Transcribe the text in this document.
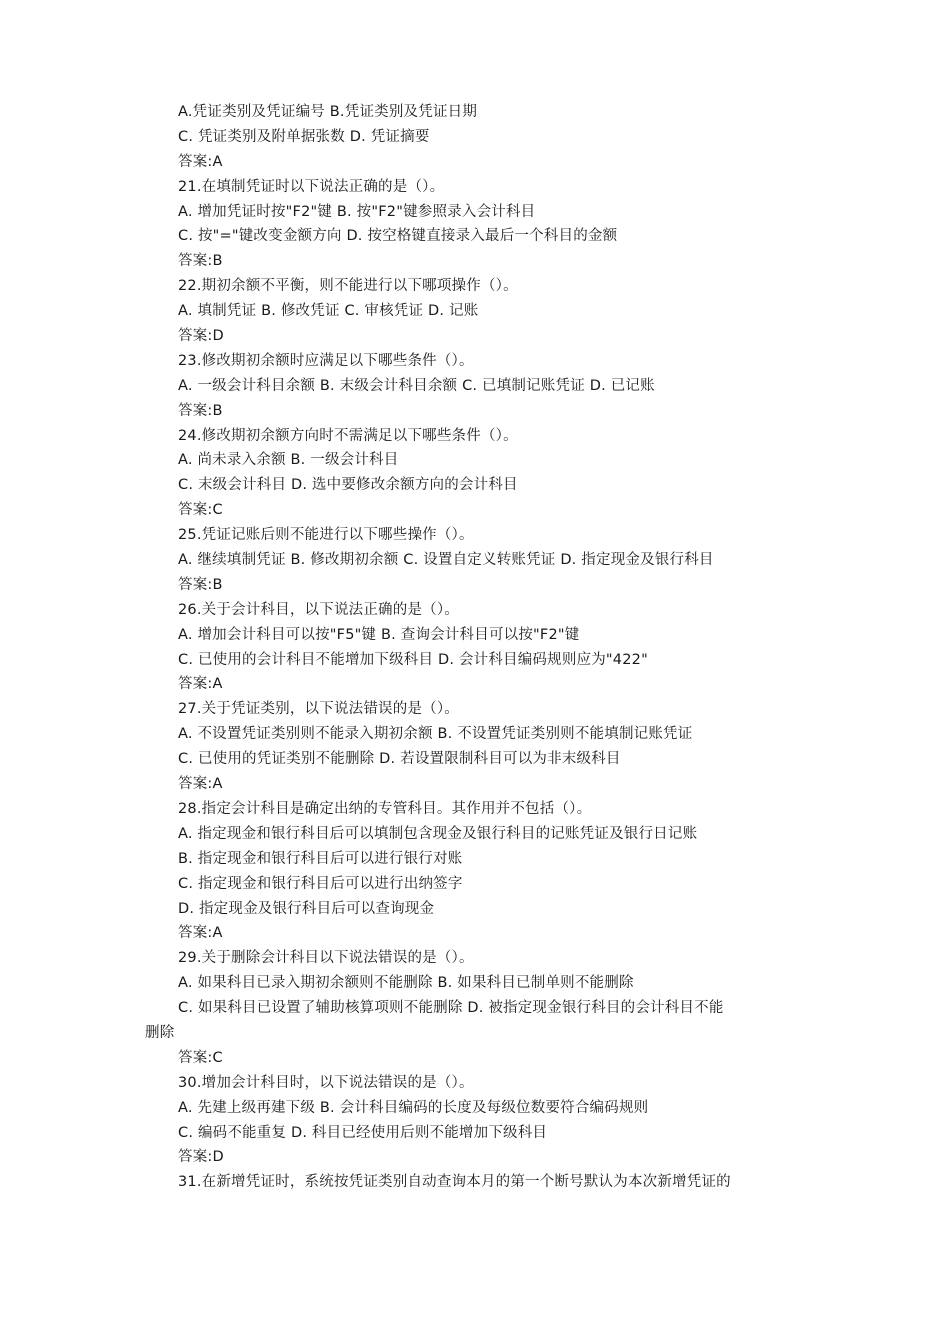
A.凭证类别及凭证编号 B.凭证类别及凭证日期
C. 凭证类别及附单据张数 D. 凭证摘要
答案:A
21.在填制凭证时以下说法正确的是（）。
A. 增加凭证时按"F2"键 B. 按"F2"键参照录入会计科目
C. 按"="键改变金额方向 D. 按空格键直接录入最后一个科目的金额
答案:B
22.期初余额不平衡，则不能进行以下哪项操作（）。
A. 填制凭证 B. 修改凭证 C. 审核凭证 D. 记账
答案:D
23.修改期初余额时应满足以下哪些条件（）。
A. 一级会计科目余额 B. 末级会计科目余额 C. 已填制记账凭证 D. 已记账
答案:B
24.修改期初余额方向时不需满足以下哪些条件（）。
A. 尚未录入余额 B. 一级会计科目
C. 末级会计科目 D. 选中要修改余额方向的会计科目
答案:C
25.凭证记账后则不能进行以下哪些操作（）。
A. 继续填制凭证 B. 修改期初余额 C. 设置自定义转账凭证 D. 指定现金及银行科目
答案:B
26.关于会计科目，以下说法正确的是（）。
A. 增加会计科目可以按"F5"键 B. 查询会计科目可以按"F2"键
C. 已使用的会计科目不能增加下级科目 D. 会计科目编码规则应为"422"
答案:A
27.关于凭证类别，以下说法错误的是（）。
A. 不设置凭证类别则不能录入期初余额 B. 不设置凭证类别则不能填制记账凭证
C. 已使用的凭证类别不能删除 D. 若设置限制科目可以为非末级科目
答案:A
28.指定会计科目是确定出纳的专管科目。其作用并不包括（）。
A. 指定现金和银行科目后可以填制包含现金及银行科目的记账凭证及银行日记账
B. 指定现金和银行科目后可以进行银行对账
C. 指定现金和银行科目后可以进行出纳签字
D. 指定现金及银行科目后可以查询现金
答案:A
29.关于删除会计科目以下说法错误的是（）。
A. 如果科目已录入期初余额则不能删除 B. 如果科目已制单则不能删除
C. 如果科目已设置了辅助核算项则不能删除 D. 被指定现金银行科目的会计科目不能
删除
答案:C
30.增加会计科目时，以下说法错误的是（）。
A. 先建上级再建下级 B. 会计科目编码的长度及每级位数要符合编码规则
C. 编码不能重复 D. 科目已经使用后则不能增加下级科目
答案:D
31.在新增凭证时，系统按凭证类别自动查询本月的第一个断号默认为本次新增凭证的
